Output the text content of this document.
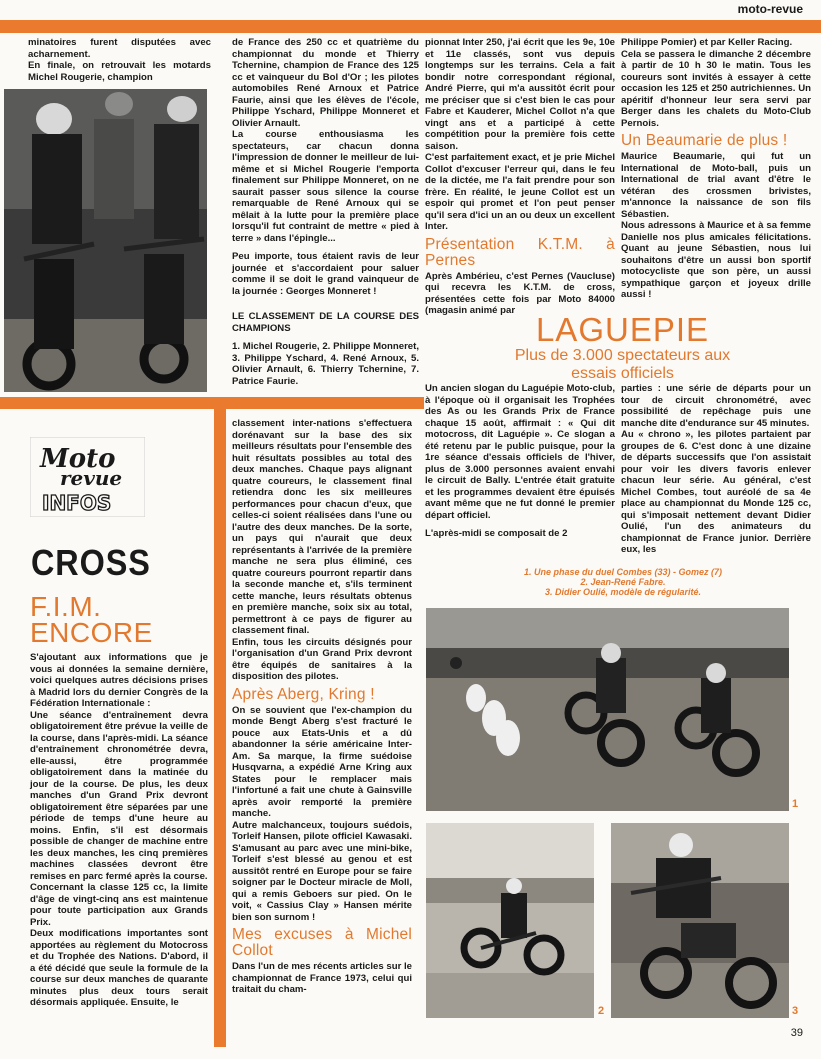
moto-revue

de France des 250 cc et quatrième du championnat du monde et Thierry Tchernine, champion de France des 125 cc et vainqueur du Bol d'Or ; les pilotes automobiles René Arnoux et Patrice Faurie, ainsi que les élèves de l'école, Philippe Yschard, Philippe Monneret et Olivier Arnault.

La course enthousiasma les spectateurs, car chacun donna l'impression de donner le meilleur de lui-même et si Michel Rougerie l'emporta finalement sur Philippe Monneret, on ne saurait passer sous silence la course remarquable de René Arnoux qui se mêlait à la lutte pour la première place lorsqu'il fut contraint de mettre « pied à terre » dans l'épingle...

Peu importe, tous étaient ravis de leur journée et s'accordaient pour saluer comme il se doit le grand vainqueur de la journée : Georges Monneret !

LE CLASSEMENT DE LA COURSE DES CHAMPIONS

1. Michel Rougerie, 2. Philippe Monneret, 3. Philippe Yschard, 4. René Arnoux, 5. Olivier Arnault, 6. Thierry Tchernine, 7. Patrice Faurie.

minatoires furent disputées avec acharnement.

En finale, on retrouvait les motards Michel Rougerie, champion

pionnat Inter 250, j'ai écrit que les 9e, 10e et 11e classés, sont vus depuis longtemps sur les terrains. Cela a fait bondir notre correspondant régional, André Pierre, qui m'a aussitôt écrit pour me préciser que si c'est bien le cas pour Fabre et Kauderer, Michel Collot n'a que vingt ans et a participé à cette compétition pour la première fois cette saison.

C'est parfaitement exact, et je prie Michel Collot d'excuser l'erreur qui, dans le feu de la dictée, me l'a fait prendre pour son frère. En réalité, le jeune Collot est un espoir qui promet et l'on peut penser qu'il sera d'ici un an ou deux un excellent Inter.

Présentation K.T.M. à Pernes

Après Ambérieu, c'est Pernes (Vaucluse) qui recevra les K.T.M. de cross, présentées cette fois par Moto 84000 (magasin animé par

Philippe Pomier) et par Keller Racing.

Cela se passera le dimanche 2 décembre à partir de 10 h 30 le matin. Tous les coureurs sont invités à essayer à cette occasion les 125 et 250 autrichiennes. Un apéritif d'honneur leur sera servi par Berger dans les chalets du Moto-Club Pernois.

Un Beaumarie de plus !

Maurice Beaumarie, qui fut un International de Moto-ball, puis un International de trial avant d'être le vétéran des crossmen brivistes, m'annonce la naissance de son fils Sébastien.

Nous adressons à Maurice et à sa femme Danielle nos plus amicales félicitations. Quant au jeune Sébastien, nous lui souhaitons d'être un aussi bon sportif motocycliste que son père, un aussi sympathique garçon et joyeux drille aussi !

Moto
revue
INFOS
CROSS
F.I.M. ENCORE

S'ajoutant aux informations que je vous ai données la semaine dernière, voici quelques autres décisions prises à Madrid lors du dernier Congrès de la Fédération Internationale :

Une séance d'entraînement devra obligatoirement être prévue la veille de la course, dans l'après-midi. La séance d'entraînement chronométrée devra, elle-aussi, être programmée obligatoirement dans la matinée du jour de la course. De plus, les deux manches d'un Grand Prix devront obligatoirement être séparées par une période de temps d'une heure au moins. Enfin, s'il est désormais possible de changer de machine entre les deux manches, les cinq premières machines classées devront être remises en parc fermé après la course.

Concernant la classe 125 cc, la limite d'âge de vingt-cinq ans est maintenue pour toute participation aux Grands Prix.

Deux modifications importantes sont apportées au règlement du Motocross et du Trophée des Nations. D'abord, il a été décidé que seule la formule de la course sur deux manches de quarante minutes plus deux tours serait désormais appliquée. Ensuite, le

classement inter-nations s'effectuera dorénavant sur la base des six meilleurs résultats pour l'ensemble des huit résultats possibles au total des deux manches. Chaque pays alignant quatre coureurs, le classement final retiendra donc les six meilleures performances pour chacun d'eux, que celles-ci soient réalisées dans l'une ou l'autre des deux manches. De la sorte, un pays qui n'aurait que deux représentants à l'arrivée de la première manche ne sera plus éliminé, ces quatre coureurs pourront repartir dans la seconde manche et, s'ils terminent cette manche, leurs résultats obtenus en première manche, soix six au total, permettront à ce pays de figurer au classement final.

Enfin, tous les circuits désignés pour l'organisation d'un Grand Prix devront être équipés de sanitaires à la disposition des pilotes.

Après Aberg, Kring !

On se souvient que l'ex-champion du monde Bengt Aberg s'est fracturé le pouce aux Etats-Unis et a dû abandonner la série américaine Inter-Am. Sa marque, la firme suédoise Husqvarna, a expédié Arne Kring aux States pour le remplacer mais l'infortuné a fait une chute à Gainsville après avoir remporté la première manche.

Autre malchanceux, toujours suédois, Torleif Hansen, pilote officiel Kawasaki. S'amusant au parc avec une mini-bike, Torleif s'est blessé au genou et est aussitôt rentré en Europe pour se faire soigner par le Docteur miracle de Moll, qui a remis Geboers sur pied. On le voit, « Cassius Clay » Hansen mérite bien son surnom !

Mes excuses à Michel Collot

Dans l'un de mes récents articles sur le championnat de France 1973, celui qui traitait du cham-

LAGUEPIE
Plus de 3.000 spectateurs aux essais officiels

Un ancien slogan du Laguépie Moto-club, à l'époque où il organisait les Trophées des As ou les Grands Prix de France chaque 15 août, affirmait : « Qui dit motocross, dit Laguépie ». Ce slogan a été retenu par le public puisque, pour la 1re séance d'essais officiels de l'hiver, plus de 3.000 personnes avaient envahi le circuit de Bally. L'entrée était gratuite et les programmes devaient être épuisés avant même que ne fut donné le premier départ officiel.

L'après-midi se composait de 2

parties : une série de départs pour un tour de circuit chronométré, avec possibilité de repêchage puis une manche dite d'endurance sur 45 minutes.

Au « chrono », les pilotes partaient par groupes de 6. C'est donc à une dizaine de départs successifs que l'on assistait pour voir les divers favoris enlever chacun leur série. Au général, c'est Michel Combes, tout auréolé de sa 4e place au championnat du Monde 125 cc, qui s'imposait nettement devant Didier Oulié, l'un des animateurs du championnat de France junior. Derrière eux, les

1. Une phase du duel Combes (33) - Gomez (7)
2. Jean-René Fabre.
3. Didier Oulié, modèle de régularité.
1
2	3
39
